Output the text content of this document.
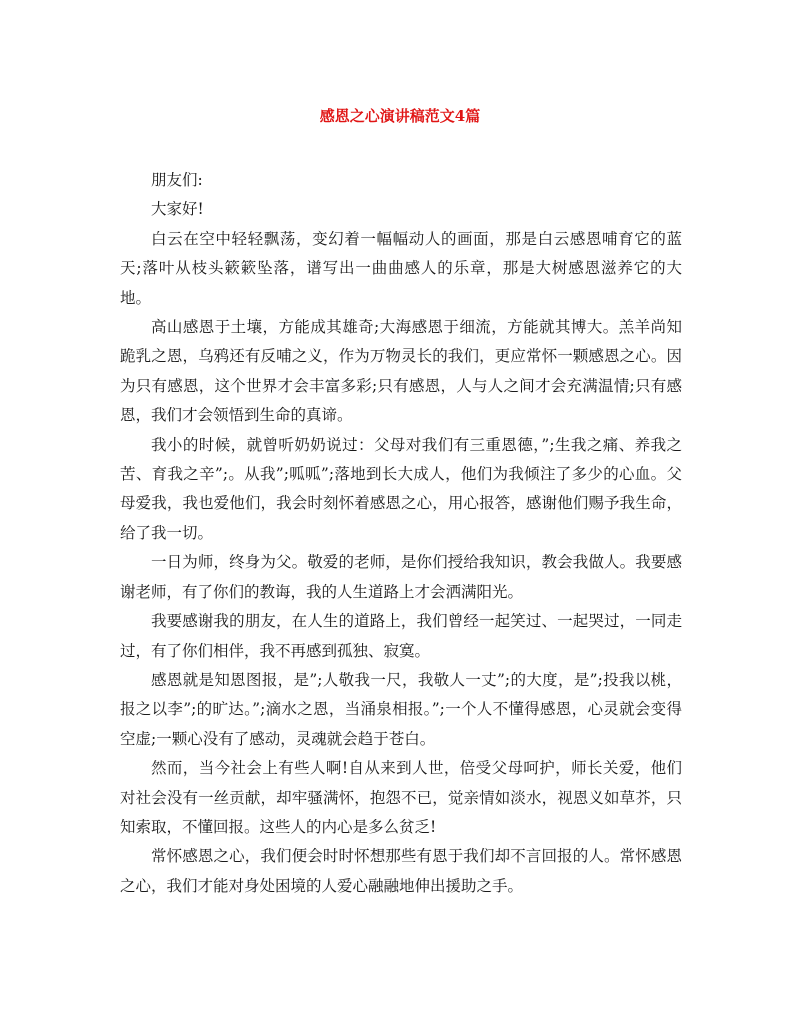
感恩之心演讲稿范文4篇

朋友们:

大家好!

白云在空中轻轻飘荡，变幻着一幅幅动人的画面，那是白云感恩哺育它的蓝天;落叶从枝头簌簌坠落，谱写出一曲曲感人的乐章，那是大树感恩滋养它的大地。

高山感恩于土壤，方能成其雄奇;大海感恩于细流，方能就其博大。羔羊尚知跪乳之恩，乌鸦还有反哺之义，作为万物灵长的我们，更应常怀一颗感恩之心。因为只有感恩，这个世界才会丰富多彩;只有感恩，人与人之间才会充满温情;只有感恩，我们才会领悟到生命的真谛。

我小的时候，就曾听奶奶说过：父母对我们有三重恩德，”;生我之痛、养我之苦、育我之辛”;。从我”;呱呱”;落地到长大成人，他们为我倾注了多少的心血。父母爱我，我也爱他们，我会时刻怀着感恩之心，用心报答，感谢他们赐予我生命，给了我一切。

一日为师，终身为父。敬爱的老师，是你们授给我知识，教会我做人。我要感谢老师，有了你们的教诲，我的人生道路上才会洒满阳光。

我要感谢我的朋友，在人生的道路上，我们曾经一起笑过、一起哭过，一同走过，有了你们相伴，我不再感到孤独、寂寞。

感恩就是知恩图报，是”;人敬我一尺，我敬人一丈”;的大度，是”;投我以桃，报之以李”;的旷达。”;滴水之恩，当涌泉相报。”;一个人不懂得感恩，心灵就会变得空虚;一颗心没有了感动，灵魂就会趋于苍白。

然而，当今社会上有些人啊!自从来到人世，倍受父母呵护，师长关爱，他们对社会没有一丝贡献，却牢骚满怀，抱怨不已，觉亲情如淡水，视恩义如草芥，只知索取，不懂回报。这些人的内心是多么贫乏!

常怀感恩之心，我们便会时时怀想那些有恩于我们却不言回报的人。常怀感恩之心，我们才能对身处困境的人爱心融融地伸出援助之手。
